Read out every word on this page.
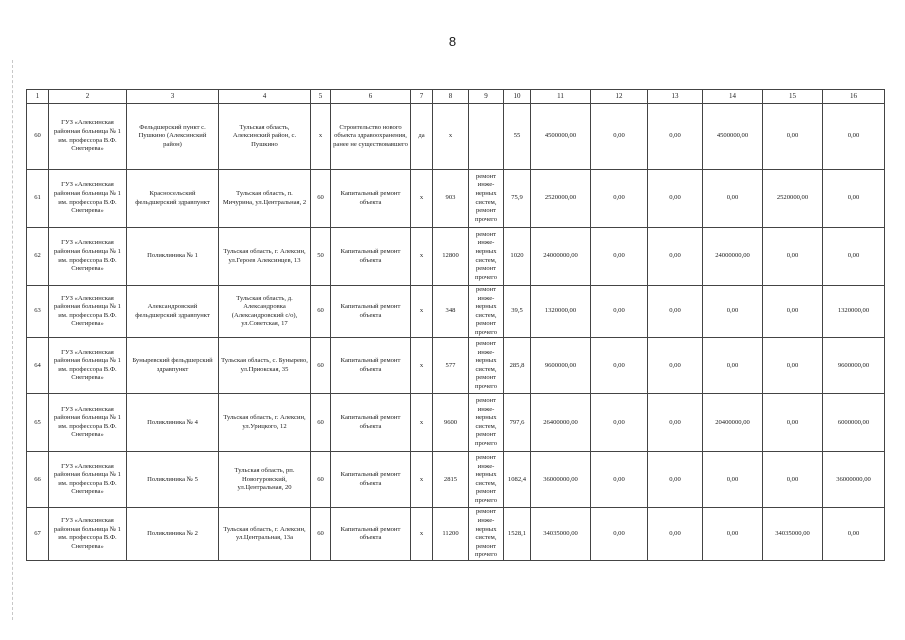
8
1	2	3	4	5	6	7	8	9	10	11	12	13	14	15	16
60	ГУЗ «Алексинская районная больница № 1 им. профессора В.Ф. Снегирева»	Фельдшерский пункт с. Пушкино (Алексинский район)	Тульская область, Алексинский район, с. Пушкино	x	Строительство нового объекта здравоохранения, ранее не существовавшего	да	x		55	4500000,00	0,00	0,00	4500000,00	0,00	0,00
61	ГУЗ «Алексинская районная больница № 1 им. профессора В.Ф. Снегирева»	Красносельский фельдшерский здравпункт	Тульская область, п. Мичурина, ул.Центральная, 2	60	Капитальный ремонт объекта	x	903	ремонт инже-нерных систем, ремонт прочего	75,9	2520000,00	0,00	0,00	0,00	2520000,00	0,00
62	ГУЗ «Алексинская районная больница № 1 им. профессора В.Ф. Снегирева»	Поликлиника № 1	Тульская область, г. Алексин, ул.Героев Алексинцев, 13	50	Капитальный ремонт объекта	x	12800	ремонт инже-нерных систем, ремонт прочего	1020	24000000,00	0,00	0,00	24000000,00	0,00	0,00
63	ГУЗ «Алексинская районная больница № 1 им. профессора В.Ф. Снегирева»	Александровский фельдшерский здравпункт	Тульская область, д. Александровка (Александровский с/о), ул.Советская, 17	60	Капитальный ремонт объекта	x	348	ремонт инже-нерных систем, ремонт прочего	39,5	1320000,00	0,00	0,00	0,00	0,00	1320000,00
64	ГУЗ «Алексинская районная больница № 1 им. профессора В.Ф. Снегирева»	Буныревский фельдшерский здравпункт	Тульская область, с. Бунырево, ул.Приокская, 35	60	Капитальный ремонт объекта	x	577	ремонт инже-нерных систем, ремонт прочего	285,8	9600000,00	0,00	0,00	0,00	0,00	9600000,00
65	ГУЗ «Алексинская районная больница № 1 им. профессора В.Ф. Снегирева»	Поликлиника № 4	Тульская область, г. Алексин, ул.Урицкого, 12	60	Капитальный ремонт объекта	x	9600	ремонт инже-нерных систем, ремонт прочего	797,6	26400000,00	0,00	0,00	20400000,00	0,00	6000000,00
66	ГУЗ «Алексинская районная больница № 1 им. профессора В.Ф. Снегирева»	Поликлиника № 5	Тульская область, рп. Новогуровский, ул.Центральная, 20	60	Капитальный ремонт объекта	x	2815	ремонт инже-нерных систем, ремонт прочего	1082,4	36000000,00	0,00	0,00	0,00	0,00	36000000,00
67	ГУЗ «Алексинская районная больница № 1 им. профессора В.Ф. Снегирева»	Поликлиника № 2	Тульская область, г. Алексин, ул.Центральная, 13а	60	Капитальный ремонт объекта	x	11200	ремонт инже-нерных систем, ремонт прочего	1528,1	34035000,00	0,00	0,00	0,00	34035000,00	0,00
